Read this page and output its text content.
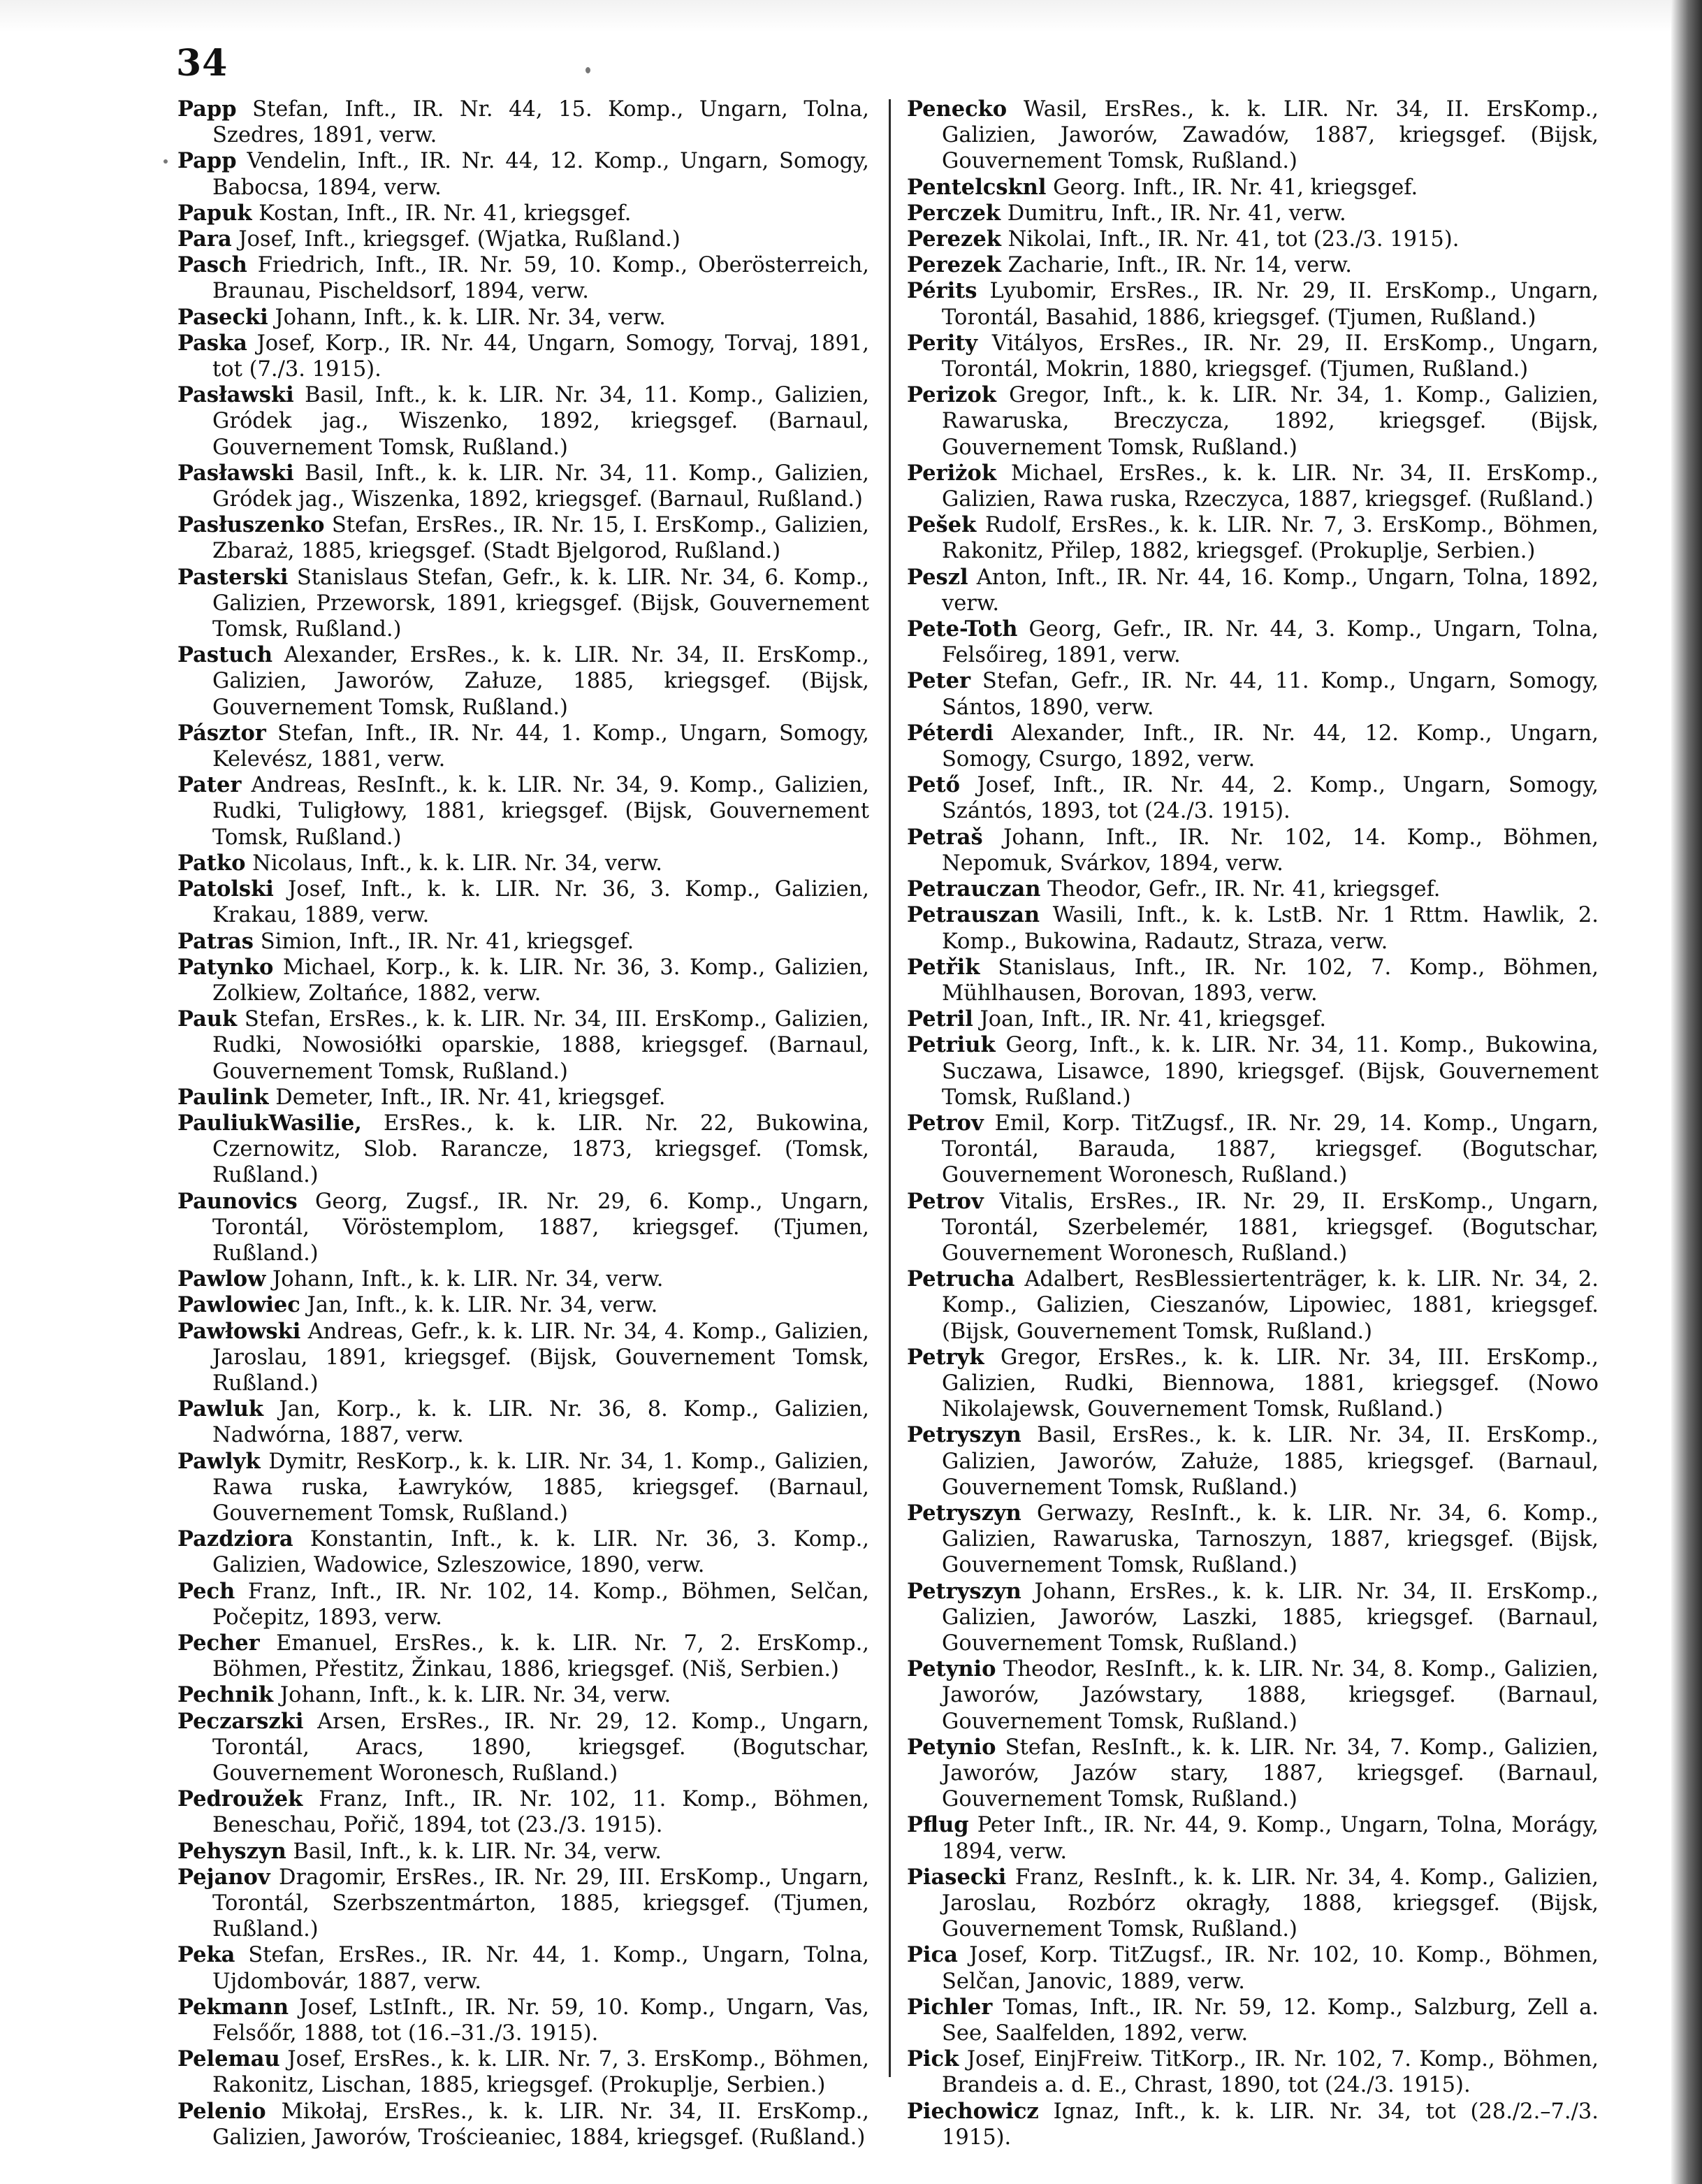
34

Papp Stefan, Inft., IR. Nr. 44, 15. Komp., Ungarn, Tolna, Szedres, 1891, verw.

Papp Vendelin, Inft., IR. Nr. 44, 12. Komp., Ungarn, Somogy, Babocsa, 1894, verw.

Papuk Kostan, Inft., IR. Nr. 41, kriegsgef.

Para Josef, Inft., kriegsgef. (Wjatka, Rußland.)

Pasch Friedrich, Inft., IR. Nr. 59, 10. Komp., Oberösterreich, Braunau, Pischeldsorf, 1894, verw.

Pasecki Johann, Inft., k. k. LIR. Nr. 34, verw.

Paska Josef, Korp., IR. Nr. 44, Ungarn, Somogy, Torvaj, 1891, tot (7./3. 1915).

Pasławski Basil, Inft., k. k. LIR. Nr. 34, 11. Komp., Galizien, Gródek jag., Wiszenko, 1892, kriegsgef. (Barnaul, Gouvernement Tomsk, Rußland.)

Pasławski Basil, Inft., k. k. LIR. Nr. 34, 11. Komp., Galizien, Gródek jag., Wiszenka, 1892, kriegsgef. (Barnaul, Rußland.)

Pasłuszenko Stefan, ErsRes., IR. Nr. 15, I. ErsKomp., Galizien, Zbaraż, 1885, kriegsgef. (Stadt Bjelgorod, Rußland.)

Pasterski Stanislaus Stefan, Gefr., k. k. LIR. Nr. 34, 6. Komp., Galizien, Przeworsk, 1891, kriegsgef. (Bijsk, Gouvernement Tomsk, Rußland.)

Pastuch Alexander, ErsRes., k. k. LIR. Nr. 34, II. ErsKomp., Galizien, Jaworów, Załuze, 1885, kriegsgef. (Bijsk, Gouvernement Tomsk, Rußland.)

Pásztor Stefan, Inft., IR. Nr. 44, 1. Komp., Ungarn, Somogy, Kelevész, 1881, verw.

Pater Andreas, ResInft., k. k. LIR. Nr. 34, 9. Komp., Galizien, Rudki, Tuligłowy, 1881, kriegsgef. (Bijsk, Gouvernement Tomsk, Rußland.)

Patko Nicolaus, Inft., k. k. LIR. Nr. 34, verw.

Patolski Josef, Inft., k. k. LIR. Nr. 36, 3. Komp., Galizien, Krakau, 1889, verw.

Patras Simion, Inft., IR. Nr. 41, kriegsgef.

Patynko Michael, Korp., k. k. LIR. Nr. 36, 3. Komp., Galizien, Zolkiew, Zoltańce, 1882, verw.

Pauk Stefan, ErsRes., k. k. LIR. Nr. 34, III. ErsKomp., Galizien, Rudki, Nowosiółki oparskie, 1888, kriegsgef. (Barnaul, Gouvernement Tomsk, Rußland.)

Paulink Demeter, Inft., IR. Nr. 41, kriegsgef.

PauliukWasilie, ErsRes., k. k. LIR. Nr. 22, Bukowina, Czernowitz, Slob. Rarancze, 1873, kriegsgef. (Tomsk, Rußland.)

Paunovics Georg, Zugsf., IR. Nr. 29, 6. Komp., Ungarn, Torontál, Vöröstemplom, 1887, kriegsgef. (Tjumen, Rußland.)

Pawlow Johann, Inft., k. k. LIR. Nr. 34, verw.

Pawlowiec Jan, Inft., k. k. LIR. Nr. 34, verw.

Pawłowski Andreas, Gefr., k. k. LIR. Nr. 34, 4. Komp., Galizien, Jaroslau, 1891, kriegsgef. (Bijsk, Gouvernement Tomsk, Rußland.)

Pawluk Jan, Korp., k. k. LIR. Nr. 36, 8. Komp., Galizien, Nadwórna, 1887, verw.

Pawlyk Dymitr, ResKorp., k. k. LIR. Nr. 34, 1. Komp., Galizien, Rawa ruska, Ławryków, 1885, kriegsgef. (Barnaul, Gouvernement Tomsk, Rußland.)

Pazdziora Konstantin, Inft., k. k. LIR. Nr. 36, 3. Komp., Galizien, Wadowice, Szleszowice, 1890, verw.

Pech Franz, Inft., IR. Nr. 102, 14. Komp., Böhmen, Selčan, Počepitz, 1893, verw.

Pecher Emanuel, ErsRes., k. k. LIR. Nr. 7, 2. ErsKomp., Böhmen, Přestitz, Žinkau, 1886, kriegsgef. (Niš, Serbien.)

Pechnik Johann, Inft., k. k. LIR. Nr. 34, verw.

Peczarszki Arsen, ErsRes., IR. Nr. 29, 12. Komp., Ungarn, Torontál, Aracs, 1890, kriegsgef. (Bogutschar, Gouvernement Woronesch, Rußland.)

Pedroužek Franz, Inft., IR. Nr. 102, 11. Komp., Böhmen, Beneschau, Pořič, 1894, tot (23./3. 1915).

Pehyszyn Basil, Inft., k. k. LIR. Nr. 34, verw.

Pejanov Dragomir, ErsRes., IR. Nr. 29, III. ErsKomp., Ungarn, Torontál, Szerbszentmárton, 1885, kriegsgef. (Tjumen, Rußland.)

Peka Stefan, ErsRes., IR. Nr. 44, 1. Komp., Ungarn, Tolna, Ujdombovár, 1887, verw.

Pekmann Josef, LstInft., IR. Nr. 59, 10. Komp., Ungarn, Vas, Felsőőr, 1888, tot (16.–31./3. 1915).

Pelemau Josef, ErsRes., k. k. LIR. Nr. 7, 3. ErsKomp., Böhmen, Rakonitz, Lischan, 1885, kriegsgef. (Prokuplje, Serbien.)

Pelenio Mikołaj, ErsRes., k. k. LIR. Nr. 34, II. ErsKomp., Galizien, Jaworów, Trościeaniec, 1884, kriegsgef. (Rußland.)

Penecko Wasil, ErsRes., k. k. LIR. Nr. 34, II. ErsKomp., Galizien, Jaworów, Zawadów, 1887, kriegsgef. (Bijsk, Gouvernement Tomsk, Rußland.)

Pentelcsknl Georg. Inft., IR. Nr. 41, kriegsgef.

Perczek Dumitru, Inft., IR. Nr. 41, verw.

Perezek Nikolai, Inft., IR. Nr. 41, tot (23./3. 1915).

Perezek Zacharie, Inft., IR. Nr. 14, verw.

Périts Lyubomir, ErsRes., IR. Nr. 29, II. ErsKomp., Ungarn, Torontál, Basahid, 1886, kriegsgef. (Tjumen, Rußland.)

Perity Vitályos, ErsRes., IR. Nr. 29, II. ErsKomp., Ungarn, Torontál, Mokrin, 1880, kriegsgef. (Tjumen, Rußland.)

Perizok Gregor, Inft., k. k. LIR. Nr. 34, 1. Komp., Galizien, Rawaruska, Breczycza, 1892, kriegsgef. (Bijsk, Gouvernement Tomsk, Rußland.)

Periżok Michael, ErsRes., k. k. LIR. Nr. 34, II. ErsKomp., Galizien, Rawa ruska, Rzeczyca, 1887, kriegsgef. (Rußland.)

Pešek Rudolf, ErsRes., k. k. LIR. Nr. 7, 3. ErsKomp., Böhmen, Rakonitz, Přilep, 1882, kriegsgef. (Prokuplje, Serbien.)

Peszl Anton, Inft., IR. Nr. 44, 16. Komp., Ungarn, Tolna, 1892, verw.

Pete-Toth Georg, Gefr., IR. Nr. 44, 3. Komp., Ungarn, Tolna, Felsőireg, 1891, verw.

Peter Stefan, Gefr., IR. Nr. 44, 11. Komp., Ungarn, Somogy, Sántos, 1890, verw.

Péterdi Alexander, Inft., IR. Nr. 44, 12. Komp., Ungarn, Somogy, Csurgo, 1892, verw.

Pető Josef, Inft., IR. Nr. 44, 2. Komp., Ungarn, Somogy, Szántós, 1893, tot (24./3. 1915).

Petraš Johann, Inft., IR. Nr. 102, 14. Komp., Böhmen, Nepomuk, Svárkov, 1894, verw.

Petrauczan Theodor, Gefr., IR. Nr. 41, kriegsgef.

Petrauszan Wasili, Inft., k. k. LstB. Nr. 1 Rttm. Hawlik, 2. Komp., Bukowina, Radautz, Straza, verw.

Petřik Stanislaus, Inft., IR. Nr. 102, 7. Komp., Böhmen, Mühlhausen, Borovan, 1893, verw.

Petril Joan, Inft., IR. Nr. 41, kriegsgef.

Petriuk Georg, Inft., k. k. LIR. Nr. 34, 11. Komp., Bukowina, Suczawa, Lisawce, 1890, kriegsgef. (Bijsk, Gouvernement Tomsk, Rußland.)

Petrov Emil, Korp. TitZugsf., IR. Nr. 29, 14. Komp., Ungarn, Torontál, Barauda, 1887, kriegsgef. (Bogutschar, Gouvernement Woronesch, Rußland.)

Petrov Vitalis, ErsRes., IR. Nr. 29, II. ErsKomp., Ungarn, Torontál, Szerbelemér, 1881, kriegsgef. (Bogutschar, Gouvernement Woronesch, Rußland.)

Petrucha Adalbert, ResBlessiertenträger, k. k. LIR. Nr. 34, 2. Komp., Galizien, Cieszanów, Lipowiec, 1881, kriegsgef. (Bijsk, Gouvernement Tomsk, Rußland.)

Petryk Gregor, ErsRes., k. k. LIR. Nr. 34, III. ErsKomp., Galizien, Rudki, Biennowa, 1881, kriegsgef. (Nowo Nikolajewsk, Gouvernement Tomsk, Rußland.)

Petryszyn Basil, ErsRes., k. k. LIR. Nr. 34, II. ErsKomp., Galizien, Jaworów, Załuże, 1885, kriegsgef. (Barnaul, Gouvernement Tomsk, Rußland.)

Petryszyn Gerwazy, ResInft., k. k. LIR. Nr. 34, 6. Komp., Galizien, Rawaruska, Tarnoszyn, 1887, kriegsgef. (Bijsk, Gouvernement Tomsk, Rußland.)

Petryszyn Johann, ErsRes., k. k. LIR. Nr. 34, II. ErsKomp., Galizien, Jaworów, Laszki, 1885, kriegsgef. (Barnaul, Gouvernement Tomsk, Rußland.)

Petynio Theodor, ResInft., k. k. LIR. Nr. 34, 8. Komp., Galizien, Jaworów, Jazówstary, 1888, kriegsgef. (Barnaul, Gouvernement Tomsk, Rußland.)

Petynio Stefan, ResInft., k. k. LIR. Nr. 34, 7. Komp., Galizien, Jaworów, Jazów stary, 1887, kriegsgef. (Barnaul, Gouvernement Tomsk, Rußland.)

Pflug Peter Inft., IR. Nr. 44, 9. Komp., Ungarn, Tolna, Morágy, 1894, verw.

Piasecki Franz, ResInft., k. k. LIR. Nr. 34, 4. Komp., Galizien, Jaroslau, Rozbórz okragły, 1888, kriegsgef. (Bijsk, Gouvernement Tomsk, Rußland.)

Pica Josef, Korp. TitZugsf., IR. Nr. 102, 10. Komp., Böhmen, Selčan, Janovic, 1889, verw.

Pichler Tomas, Inft., IR. Nr. 59, 12. Komp., Salzburg, Zell a. See, Saalfelden, 1892, verw.

Pick Josef, EinjFreiw. TitKorp., IR. Nr. 102, 7. Komp., Böhmen, Brandeis a. d. E., Chrast, 1890, tot (24./3. 1915).

Piechowicz Ignaz, Inft., k. k. LIR. Nr. 34, tot (28./2.–7./3. 1915).
